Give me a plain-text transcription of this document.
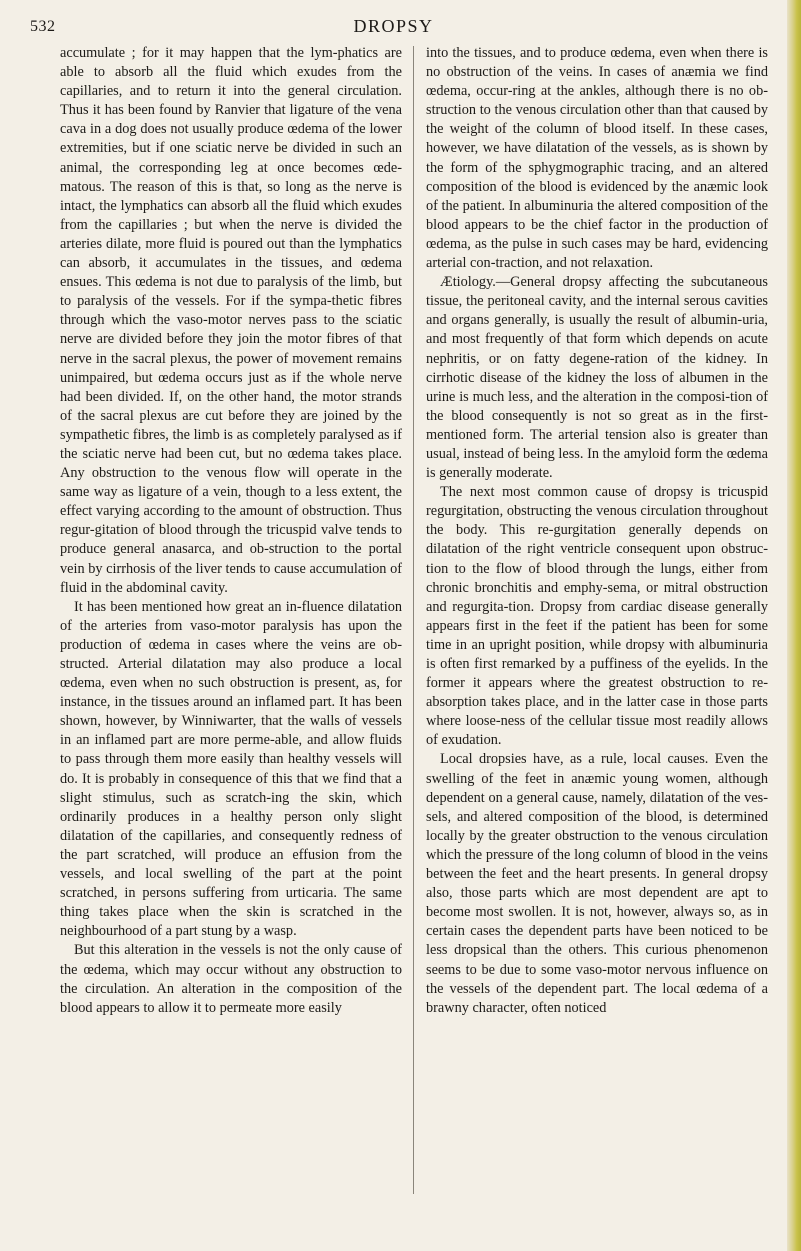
532	DROPSY

accumulate ; for it may happen that the lym-phatics are able to absorb all the fluid which exudes from the capillaries, and to return it into the general circulation. Thus it has been found by Ranvier that ligature of the vena cava in a dog does not usually produce œdema of the lower extremities, but if one sciatic nerve be divided in such an animal, the corresponding leg at once becomes œde-matous. The reason of this is that, so long as the nerve is intact, the lymphatics can absorb all the fluid which exudes from the capillaries ; but when the nerve is divided the arteries dilate, more fluid is poured out than the lymphatics can absorb, it accumulates in the tissues, and œdema ensues. This œdema is not due to paralysis of the limb, but to paralysis of the vessels. For if the sympa-thetic fibres through which the vaso-motor nerves pass to the sciatic nerve are divided before they join the motor fibres of that nerve in the sacral plexus, the power of movement remains unimpaired, but œdema occurs just as if the whole nerve had been divided. If, on the other hand, the motor strands of the sacral plexus are cut before they are joined by the sympathetic fibres, the limb is as completely paralysed as if the sciatic nerve had been cut, but no œdema takes place. Any obstruction to the venous flow will operate in the same way as ligature of a vein, though to a less extent, the effect varying according to the amount of obstruction. Thus regur-gitation of blood through the tricuspid valve tends to produce general anasarca, and ob-struction to the portal vein by cirrhosis of the liver tends to cause accumulation of fluid in the abdominal cavity.

It has been mentioned how great an in-fluence dilatation of the arteries from vaso-motor paralysis has upon the production of œdema in cases where the veins are ob-structed. Arterial dilatation may also produce a local œdema, even when no such obstruction is present, as, for instance, in the tissues around an inflamed part. It has been shown, however, by Winniwarter, that the walls of vessels in an inflamed part are more perme-able, and allow fluids to pass through them more easily than healthy vessels will do. It is probably in consequence of this that we find that a slight stimulus, such as scratch-ing the skin, which ordinarily produces in a healthy person only slight dilatation of the capillaries, and consequently redness of the part scratched, will produce an effusion from the vessels, and local swelling of the part at the point scratched, in persons suffering from urticaria. The same thing takes place when the skin is scratched in the neighbourhood of a part stung by a wasp.

But this alteration in the vessels is not the only cause of the œdema, which may occur without any obstruction to the circulation. An alteration in the composition of the blood appears to allow it to permeate more easily

into the tissues, and to produce œdema, even when there is no obstruction of the veins. In cases of anæmia we find œdema, occur-ring at the ankles, although there is no ob-struction to the venous circulation other than that caused by the weight of the column of blood itself. In these cases, however, we have dilatation of the vessels, as is shown by the form of the sphygmographic tracing, and an altered composition of the blood is evidenced by the anæmic look of the patient. In albuminuria the altered composition of the blood appears to be the chief factor in the production of œdema, as the pulse in such cases may be hard, evidencing arterial con-traction, and not relaxation.

Ætiology.—General dropsy affecting the subcutaneous tissue, the peritoneal cavity, and the internal serous cavities and organs generally, is usually the result of albumin-uria, and most frequently of that form which depends on acute nephritis, or on fatty degene-ration of the kidney. In cirrhotic disease of the kidney the loss of albumen in the urine is much less, and the alteration in the composi-tion of the blood consequently is not so great as in the first-mentioned form. The arterial tension also is greater than usual, instead of being less. In the amyloid form the œdema is generally moderate.

The next most common cause of dropsy is tricuspid regurgitation, obstructing the venous circulation throughout the body. This re-gurgitation generally depends on dilatation of the right ventricle consequent upon obstruc-tion to the flow of blood through the lungs, either from chronic bronchitis and emphy-sema, or mitral obstruction and regurgita-tion. Dropsy from cardiac disease generally appears first in the feet if the patient has been for some time in an upright position, while dropsy with albuminuria is often first remarked by a puffiness of the eyelids. In the former it appears where the greatest obstruction to re-absorption takes place, and in the latter case in those parts where loose-ness of the cellular tissue most readily allows of exudation.

Local dropsies have, as a rule, local causes. Even the swelling of the feet in anæmic young women, although dependent on a general cause, namely, dilatation of the ves-sels, and altered composition of the blood, is determined locally by the greater obstruction to the venous circulation which the pressure of the long column of blood in the veins between the feet and the heart presents. In general dropsy also, those parts which are most dependent are apt to become most swollen. It is not, however, always so, as in certain cases the dependent parts have been noticed to be less dropsical than the others. This curious phenomenon seems to be due to some vaso-motor nervous influence on the vessels of the dependent part. The local œdema of a brawny character, often noticed
